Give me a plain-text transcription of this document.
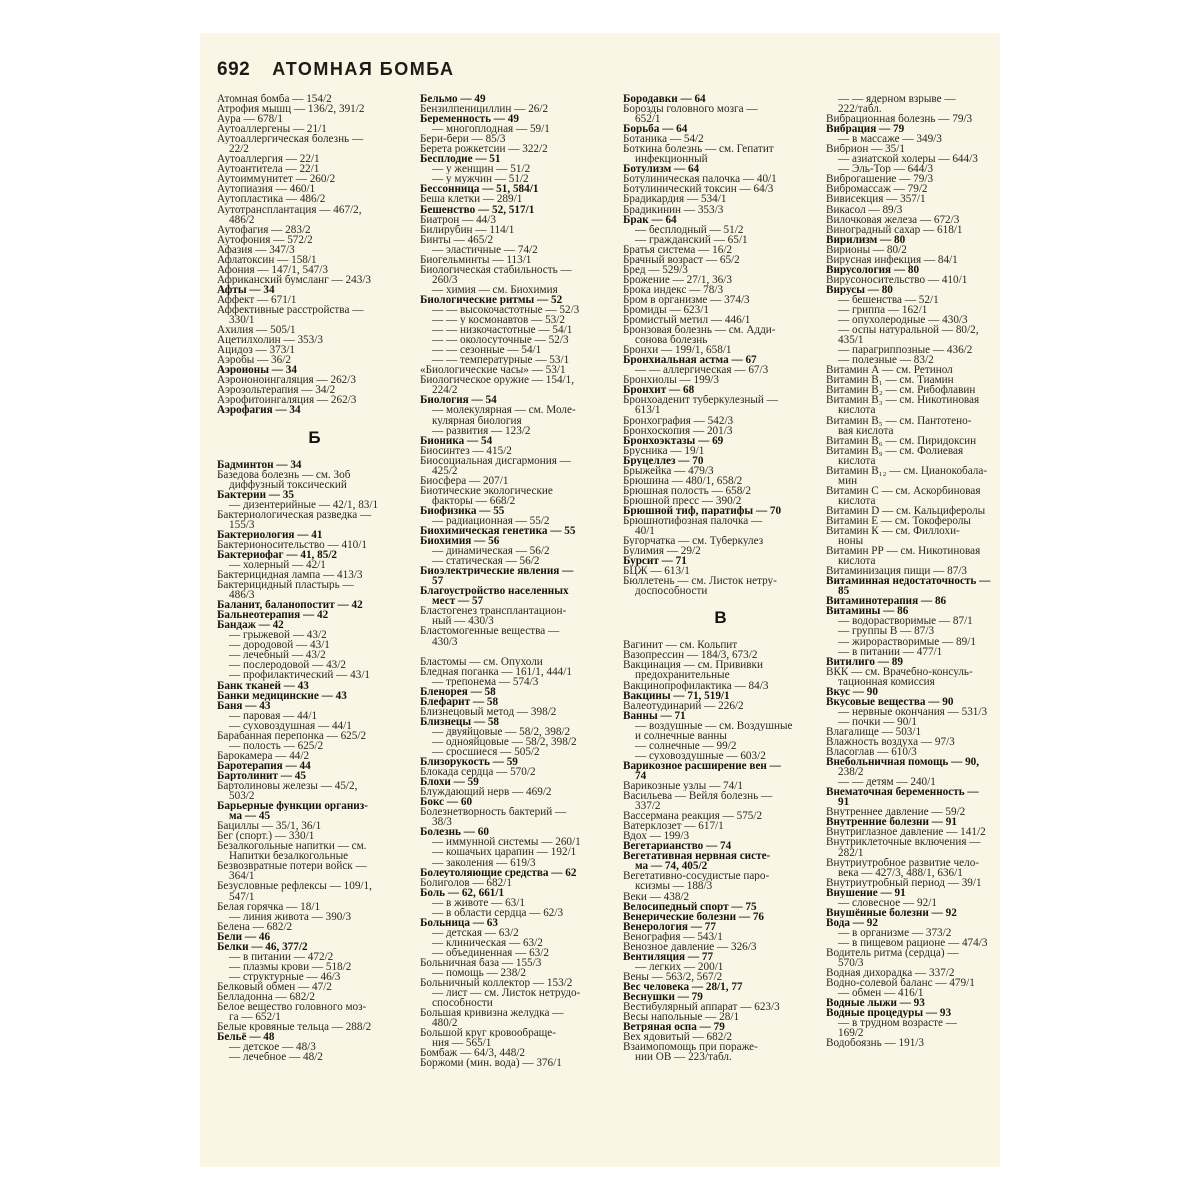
692 АТОМНАЯ БОМБА
Атомная бомба — 154/2
Атрофия мышц — 136/2, 391/2
Аура — 678/1
Аутоаллергены — 21/1
Аутоаллергическая болезнь —
22/2
Аутоаллергия — 22/1
Аутоантитела — 22/1
Аутоиммунитет — 260/2
Аутопиазия — 460/1
Аутопластика — 486/2
Аутотрансплантация — 467/2,
486/2
Аутофагия — 283/2
Аутофония — 572/2
Афазия — 347/3
Афлатоксин — 158/1
Афония — 147/1, 547/3
Африканский бумсланг — 243/3
Афты — 34
Аффект — 671/1
Аффективные расстройства —
330/1
Ахилия — 505/1
Ацетилхолин — 353/3
Ацидоз — 373/1
Аэробы — 36/2
Аэроионы — 34
Аэроионоингаляция — 262/3
Аэрозольтерапия — 34/2
Аэрофитоингаляция — 262/3
Аэрофагия — 34
Б
Бадминтон — 34
Базедова болезнь — см. Зоб
диффузный токсический
Бактерии — 35
— дизентерийные — 42/1, 83/1
Бактериологическая разведка —
155/3
Бактериология — 41
Бактерионосительство — 410/1
Бактериофаг — 41, 85/2
— холерный — 42/1
Бактерицидная лампа — 413/3
Бактерицидный пластырь —
486/3
Баланит, баланопостит — 42
Бальнеотерапия — 42
Бандаж — 42
— грыжевой — 43/2
— дородовой — 43/1
— лечебный — 43/2
— послеродовой — 43/2
— профилактический — 43/1
Банк тканей — 43
Банки медицинские — 43
Баня — 43
— паровая — 44/1
— суховоздушная — 44/1
Барабанная перепонка — 625/2
— полость — 625/2
Барокамера — 44/2
Баротерапия — 44
Бартолинит — 45
Бартолиновы железы — 45/2,
503/2
Барьерные функции организ-
ма — 45
Бациллы — 35/1, 36/1
Бег (спорт.) — 330/1
Безалкогольные напитки — см.
Напитки безалкогольные
Безвозвратные потери войск —
364/1
Безусловные рефлексы — 109/1,
547/1
Белая горячка — 18/1
— линия живота — 390/3
Белена — 682/2
Бели — 46
Белки — 46, 377/2
— в питании — 472/2
— плазмы крови — 518/2
— структурные — 46/3
Белковый обмен — 47/2
Белладонна — 682/2
Белое вещество головного моз-
га — 652/1
Белые кровяные тельца — 288/2
Бельё — 48
— детское — 48/3
— лечебное — 48/2
Бельмо — 49
Бензилпенициллин — 26/2
Беременность — 49
— многоплодная — 59/1
Бери-бери — 85/3
Берета рожкетсии — 322/2
Бесплодие — 51
— у женщин — 51/2
— у мужчин — 51/2
Бессонница — 51, 584/1
Беша клетки — 289/1
Бешенство — 52, 517/1
Биатрон — 44/3
Билирубин — 114/1
Бинты — 465/2
— эластичные — 74/2
Биогельминты — 113/1
Биологическая стабильность —
260/3
— химия — см. Биохимия
Биологические ритмы — 52
— — высокочастотные — 52/3
— — у космонавтов — 53/2
— — низкочастотные — 54/1
— — околосуточные — 52/3
— — сезонные — 54/1
— — температурные — 53/1
«Биологические часы» — 53/1
Биологическое оружие — 154/1,
224/2
Биология — 54
— молекулярная — см. Моле-
кулярная биология
— развития — 123/2
Бионика — 54
Биосинтез — 415/2
Биосоциальная дисгармония —
425/2
Биосфера — 207/1
Биотические экологические
факторы — 668/2
Биофизика — 55
— радиационная — 55/2
Биохимическая генетика — 55
Биохимия — 56
— динамическая — 56/2
— статическая — 56/2
Биоэлектрические явления —
57
Благоустройство населенных
мест — 57
Бластогенез трансплантацион-
ный — 430/3
Бластомогенные вещества —
430/3
Бластомы — см. Опухоли
Бледная поганка — 161/1, 444/1
— трепонема — 574/3
Бленорея — 58
Блефарит — 58
Близнецовый метод — 398/2
Близнецы — 58
— двуяйцовые — 58/2, 398/2
— однояйцовые — 58/2, 398/2
— сросшиеся — 505/2
Близорукость — 59
Блокада сердца — 570/2
Блохи — 59
Блуждающий нерв — 469/2
Бокс — 60
Болезнетворность бактерий —
38/3
Болезнь — 60
— иммунной системы — 260/1
— кошачьих царапин — 192/1
— заколения — 619/3
Болеутоляющие средства — 62
Болиголов — 682/1
Боль — 62, 661/1
— в животе — 63/1
— в области сердца — 62/3
Больница — 63
— детская — 63/2
— клиническая — 63/2
— объединенная — 63/2
Больничная база — 155/3
— помощь — 238/2
Больничный коллектор — 153/2
— лист — см. Листок нетрудо-
способности
Большая кривизна желудка —
480/2
Большой круг кровообраще-
ния — 565/1
Бомбаж — 64/3, 448/2
Боржоми (мин. вода) — 376/1
Бородавки — 64
Борозды головного мозга —
652/1
Борьба — 64
Ботаника — 54/2
Боткина болезнь — см. Гепатит
инфекционный
Ботулизм — 64
Ботулиническая палочка — 40/1
Ботулинический токсин — 64/3
Брадикардия — 534/1
Брадикинин — 353/3
Брак — 64
— бесплодный — 51/2
— гражданский — 65/1
Братья система — 16/2
Брачный возраст — 65/2
Бред — 529/3
Брожение — 27/1, 36/3
Брока индекс — 78/3
Бром в организме — 374/3
Бромиды — 623/1
Бромистый метил — 446/1
Бронзовая болезнь — см. Адди-
сонова болезнь
Бронхи — 199/1, 658/1
Бронхиальная астма — 67
— — аллергическая — 67/3
Бронхиолы — 199/3
Бронхит — 68
Бронхоаденит туберкулезный —
613/1
Бронхография — 542/3
Бронхоскопия — 201/3
Бронхоэктазы — 69
Брусника — 19/1
Бруцеллез — 70
Брыжейка — 479/3
Брюшина — 480/1, 658/2
Брюшная полость — 658/2
Брюшной пресс — 390/2
Брюшной тиф, паратифы — 70
Брюшнотифозная палочка —
40/1
Бугорчатка — см. Туберкулез
Булимия — 29/2
Бурсит — 71
БЦЖ — 613/1
Бюллетень — см. Листок нетру-
доспособности
В
Вагинит — см. Кольпит
Вазопрессин — 184/3, 673/2
Вакцинация — см. Прививки
предохранительные
Вакцинопрофилактика — 84/3
Вакцины — 71, 519/1
Валеотудинарий — 226/2
Ванны — 71
— воздушные — см. Воздушные
и солнечные ванны
— солнечные — 99/2
— суховоздушные — 603/2
Варикозное расширение вен —
74
Варикозные узлы — 74/1
Васильева — Вейля болезнь —
337/2
Вассермана реакция — 575/2
Ватерклозет — 617/1
Вдох — 199/3
Вегетарианство — 74
Вегетативная нервная систе-
ма — 74, 405/2
Вегетативно-сосудистые паро-
ксизмы — 188/3
Веки — 438/2
Велосипедный спорт — 75
Венерические болезни — 76
Венерология — 77
Венография — 543/1
Венозное давление — 326/3
Вентиляция — 77
— легких — 200/1
Вены — 563/2, 567/2
Вес человека — 28/1, 77
Веснушки — 79
Вестибулярный аппарат — 623/3
Весы напольные — 28/1
Ветряная оспа — 79
Вех ядовитый — 682/2
Взаимопомощь при пораже-
нии ОВ — 223/табл.
— — ядерном взрыве —
222/табл.
Вибрационная болезнь — 79/3
Вибрация — 79
— в массаже — 349/3
Вибрион — 35/1
— азиатской холеры — 644/3
— Эль-Тор — 644/3
Виброгашение — 79/3
Вибромассаж — 79/2
Вивисекция — 357/1
Викасол — 89/3
Вилочковая железа — 672/3
Виноградный сахар — 618/1
Вирилизм — 80
Вирионы — 80/2
Вирусная инфекция — 84/1
Вирусология — 80
Вирусоносительство — 410/1
Вирусы — 80
— бешенства — 52/1
— гриппа — 162/1
— опухолеродные — 430/3
— оспы натуральной — 80/2,
435/1
— парагриппозные — 436/2
— полезные — 83/2
Витамин А — см. Ретинол
Витамин B₁ — см. Тиамин
Витамин B₂ — см. Рибофлавин
Витамин B₃ — см. Никотиновая
кислота
Витамин B₅ — см. Пантотено-
вая кислота
Витамин B₆ — см. Пиридоксин
Витамин B₉ — см. Фолиевая
кислота
Витамин B₁₂ — см. Цианокобала-
мин
Витамин С — см. Аскорбиновая
кислота
Витамин D — см. Кальциферолы
Витамин Е — см. Токоферолы
Витамин К — см. Филлохи-
ноны
Витамин РР — см. Никотиновая
кислота
Витаминизация пищи — 87/3
Витаминная недостаточность —
85
Витаминотерапия — 86
Витамины — 86
— водорастворимые — 87/1
— группы В — 87/3
— жирорастворимые — 89/1
— в питании — 477/1
Витилиго — 89
ВКК — см. Врачебно-консуль-
тационная комиссия
Вкус — 90
Вкусовые вещества — 90
— нервные окончания — 531/3
— почки — 90/1
Влагалище — 503/1
Влажность воздуха — 97/3
Власоглав — 610/3
Внебольничная помощь — 90,
238/2
— — детям — 240/1
Внематочная беременность —
91
Внутреннее давление — 59/2
Внутренние болезни — 91
Внутриглазное давление — 141/2
Внутриклеточные включения —
282/1
Внутриутробное развитие чело-
века — 427/3, 488/1, 636/1
Внутриутробный период — 39/1
Внушение — 91
— словесное — 92/1
Внушённые болезни — 92
Вода — 92
— в организме — 373/2
— в пищевом рационе — 474/3
Водитель ритма (сердца) —
570/3
Водная дихорадка — 337/2
Водно-солевой баланс — 479/1
— обмен — 416/1
Водные лыжи — 93
Водные процедуры — 93
— в трудном возрасте —
169/2
Водобоязнь — 191/3
